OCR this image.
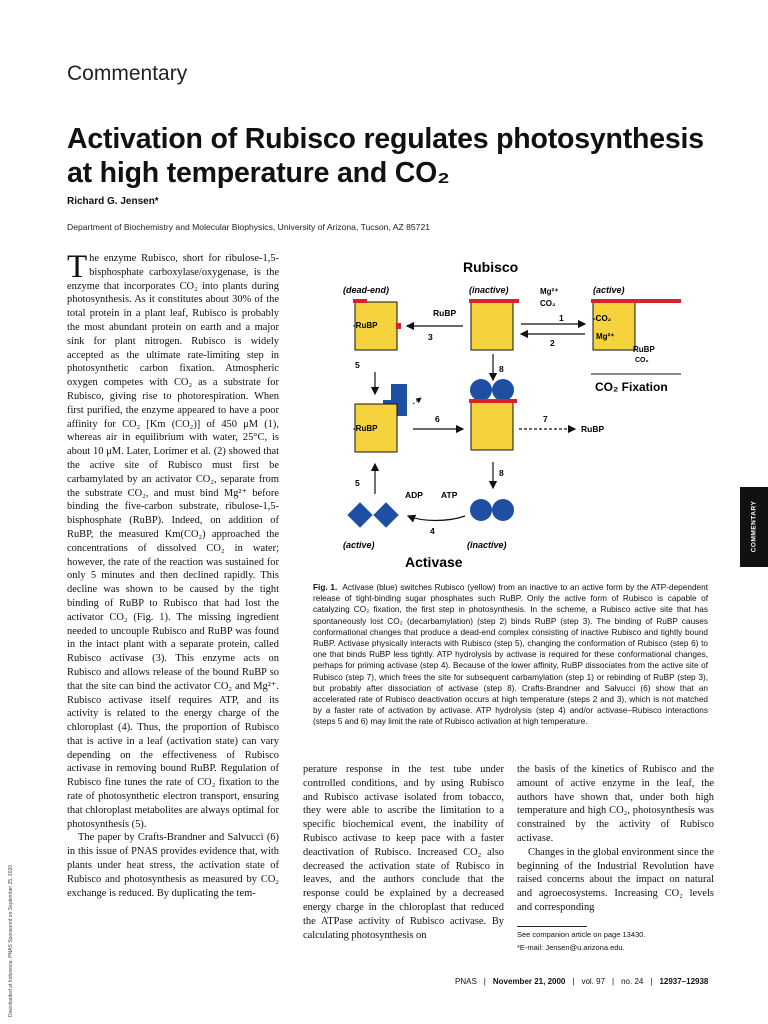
Commentary
Activation of Rubisco regulates photosynthesis at high temperature and CO₂
Richard G. Jensen*
Department of Biochemistry and Molecular Biophysics, University of Arizona, Tucson, AZ 85721

The enzyme Rubisco, short for ribulose-1,5-bisphosphate carboxylase/oxygenase, is the enzyme that incorporates CO₂ into plants during photosynthesis. As it constitutes about 30% of the total protein in a plant leaf, Rubisco is probably the most abundant protein on earth and a major sink for plant nitrogen. Rubisco is widely accepted as the ultimate rate-limiting step in photosynthetic carbon fixation. Atmospheric oxygen competes with CO₂ as a substrate for Rubisco, giving rise to photorespiration. When first purified, the enzyme appeared to have a poor affinity for CO₂ [Km (CO₂)] of 450 μM (1), whereas air in equilibrium with water, 25°C, is about 10 μM. Later, Lorimer et al. (2) showed that the active site of Rubisco must first be carbamylated by an activator CO₂, separate from the substrate CO₂, and must bind Mg²⁺ before binding the five-carbon substrate, ribulose-1,5-bisphosphate (RuBP). Indeed, on addition of RuBP, the measured Km(CO₂) approached the concentrations of dissolved CO₂ in water; however, the rate of the reaction was sustained for only 5 minutes and then declined rapidly. This decline was shown to be caused by the tight binding of RuBP to Rubisco that had lost the activator CO₂ (Fig. 1). The missing ingredient needed to uncouple Rubisco and RuBP was found in the intact plant with a separate protein, called Rubisco activase (3). This enzyme acts on Rubisco and allows release of the bound RuBP so that the site can bind the activator CO₂ and Mg²⁺. Rubisco activase itself requires ATP, and its activity is related to the energy charge of the chloroplast (4). Thus, the proportion of Rubisco that is active in a leaf (activation state) can vary depending on the effectiveness of Rubisco activase in removing bound RuBP. Regulation of Rubisco fine tunes the rate of CO₂ fixation to the rate of photosynthetic electron transport, ensuring that chloroplast metabolites are always optimal for photosynthesis (5).

The paper by Crafts-Brandner and Salvucci (6) in this issue of PNAS provides evidence that, with plants under heat stress, the activation state of Rubisco and photosynthesis as measured by CO₂ exchange is reduced. By duplicating the tem-

Rubisco
(dead-end)	(inactive)	(active)
-RuBP
-CO₂
Mg²⁺
RuBP
3
Mg²⁺
CO₂
1
2
RuBP
CO₂
CO₂ Fixation
5	8
-RuBP
6	7
RuBP
5
8
ADP ATP
4
(active)	(inactive)
Activase
Fig. 1. Activase (blue) switches Rubisco (yellow) from an inactive to an active form by the ATP-dependent release of tight-binding sugar phosphates such RuBP. Only the active form of Rubisco is capable of catalyzing CO₂ fixation, the first step in photosynthesis. In the scheme, a Rubisco active site that has spontaneously lost CO₂ (decarbamylation) (step 2) binds RuBP (step 3). The binding of RuBP causes conformational changes that produce a dead-end complex consisting of inactive Rubisco and tightly bound RuBP. Activase physically interacts with Rubisco (step 5), changing the conformation of Rubisco (step 6) to one that binds RuBP less tightly. ATP hydrolysis by activase is required for these conformational changes, perhaps for priming activase (step 4). Because of the lower affinity, RuBP dissociates from the active site of Rubisco (step 7), which frees the site for subsequent carbamylation (step 1) or rebinding of RuBP (step 3), but probably after dissociation of activase (step 8). Crafts-Brandner and Salvucci (6) show that an accelerated rate of Rubisco deactivation occurs at high temperature (steps 2 and 3), which is not matched by a faster rate of activation by activase. ATP hydrolysis (step 4) and/or activase–Rubisco interactions (steps 5 and 6) may limit the rate of Rubisco activation at high temperature.

perature response in the test tube under controlled conditions, and by using Rubisco and Rubisco activase isolated from tobacco, they were able to ascribe the limitation to a specific biochemical event, the inability of Rubisco activase to keep pace with a faster deactivation of Rubisco. Increased CO₂ also decreased the activation state of Rubisco in leaves, and the authors conclude that the response could be explained by a decreased energy charge in the chloroplast that reduced the ATPase activity of Rubisco activase. By calculating photosynthesis on

the basis of the kinetics of Rubisco and the amount of active enzyme in the leaf, the authors have shown that, under both high temperature and high CO₂, photosynthesis was constrained by the activity of Rubisco activase.

Changes in the global environment since the beginning of the Industrial Revolution have raised concerns about the impact on natural and agroecosystems. Increasing CO₂ levels and corresponding

See companion article on page 13430.
*E-mail: Jensen@u.arizona.edu.
PNAS | November 21, 2000 | vol. 97 | no. 24 | 12937–12938
COMMENTARY
Downloaded at Indonesia: PNAS Sponsored on September 25, 2020
